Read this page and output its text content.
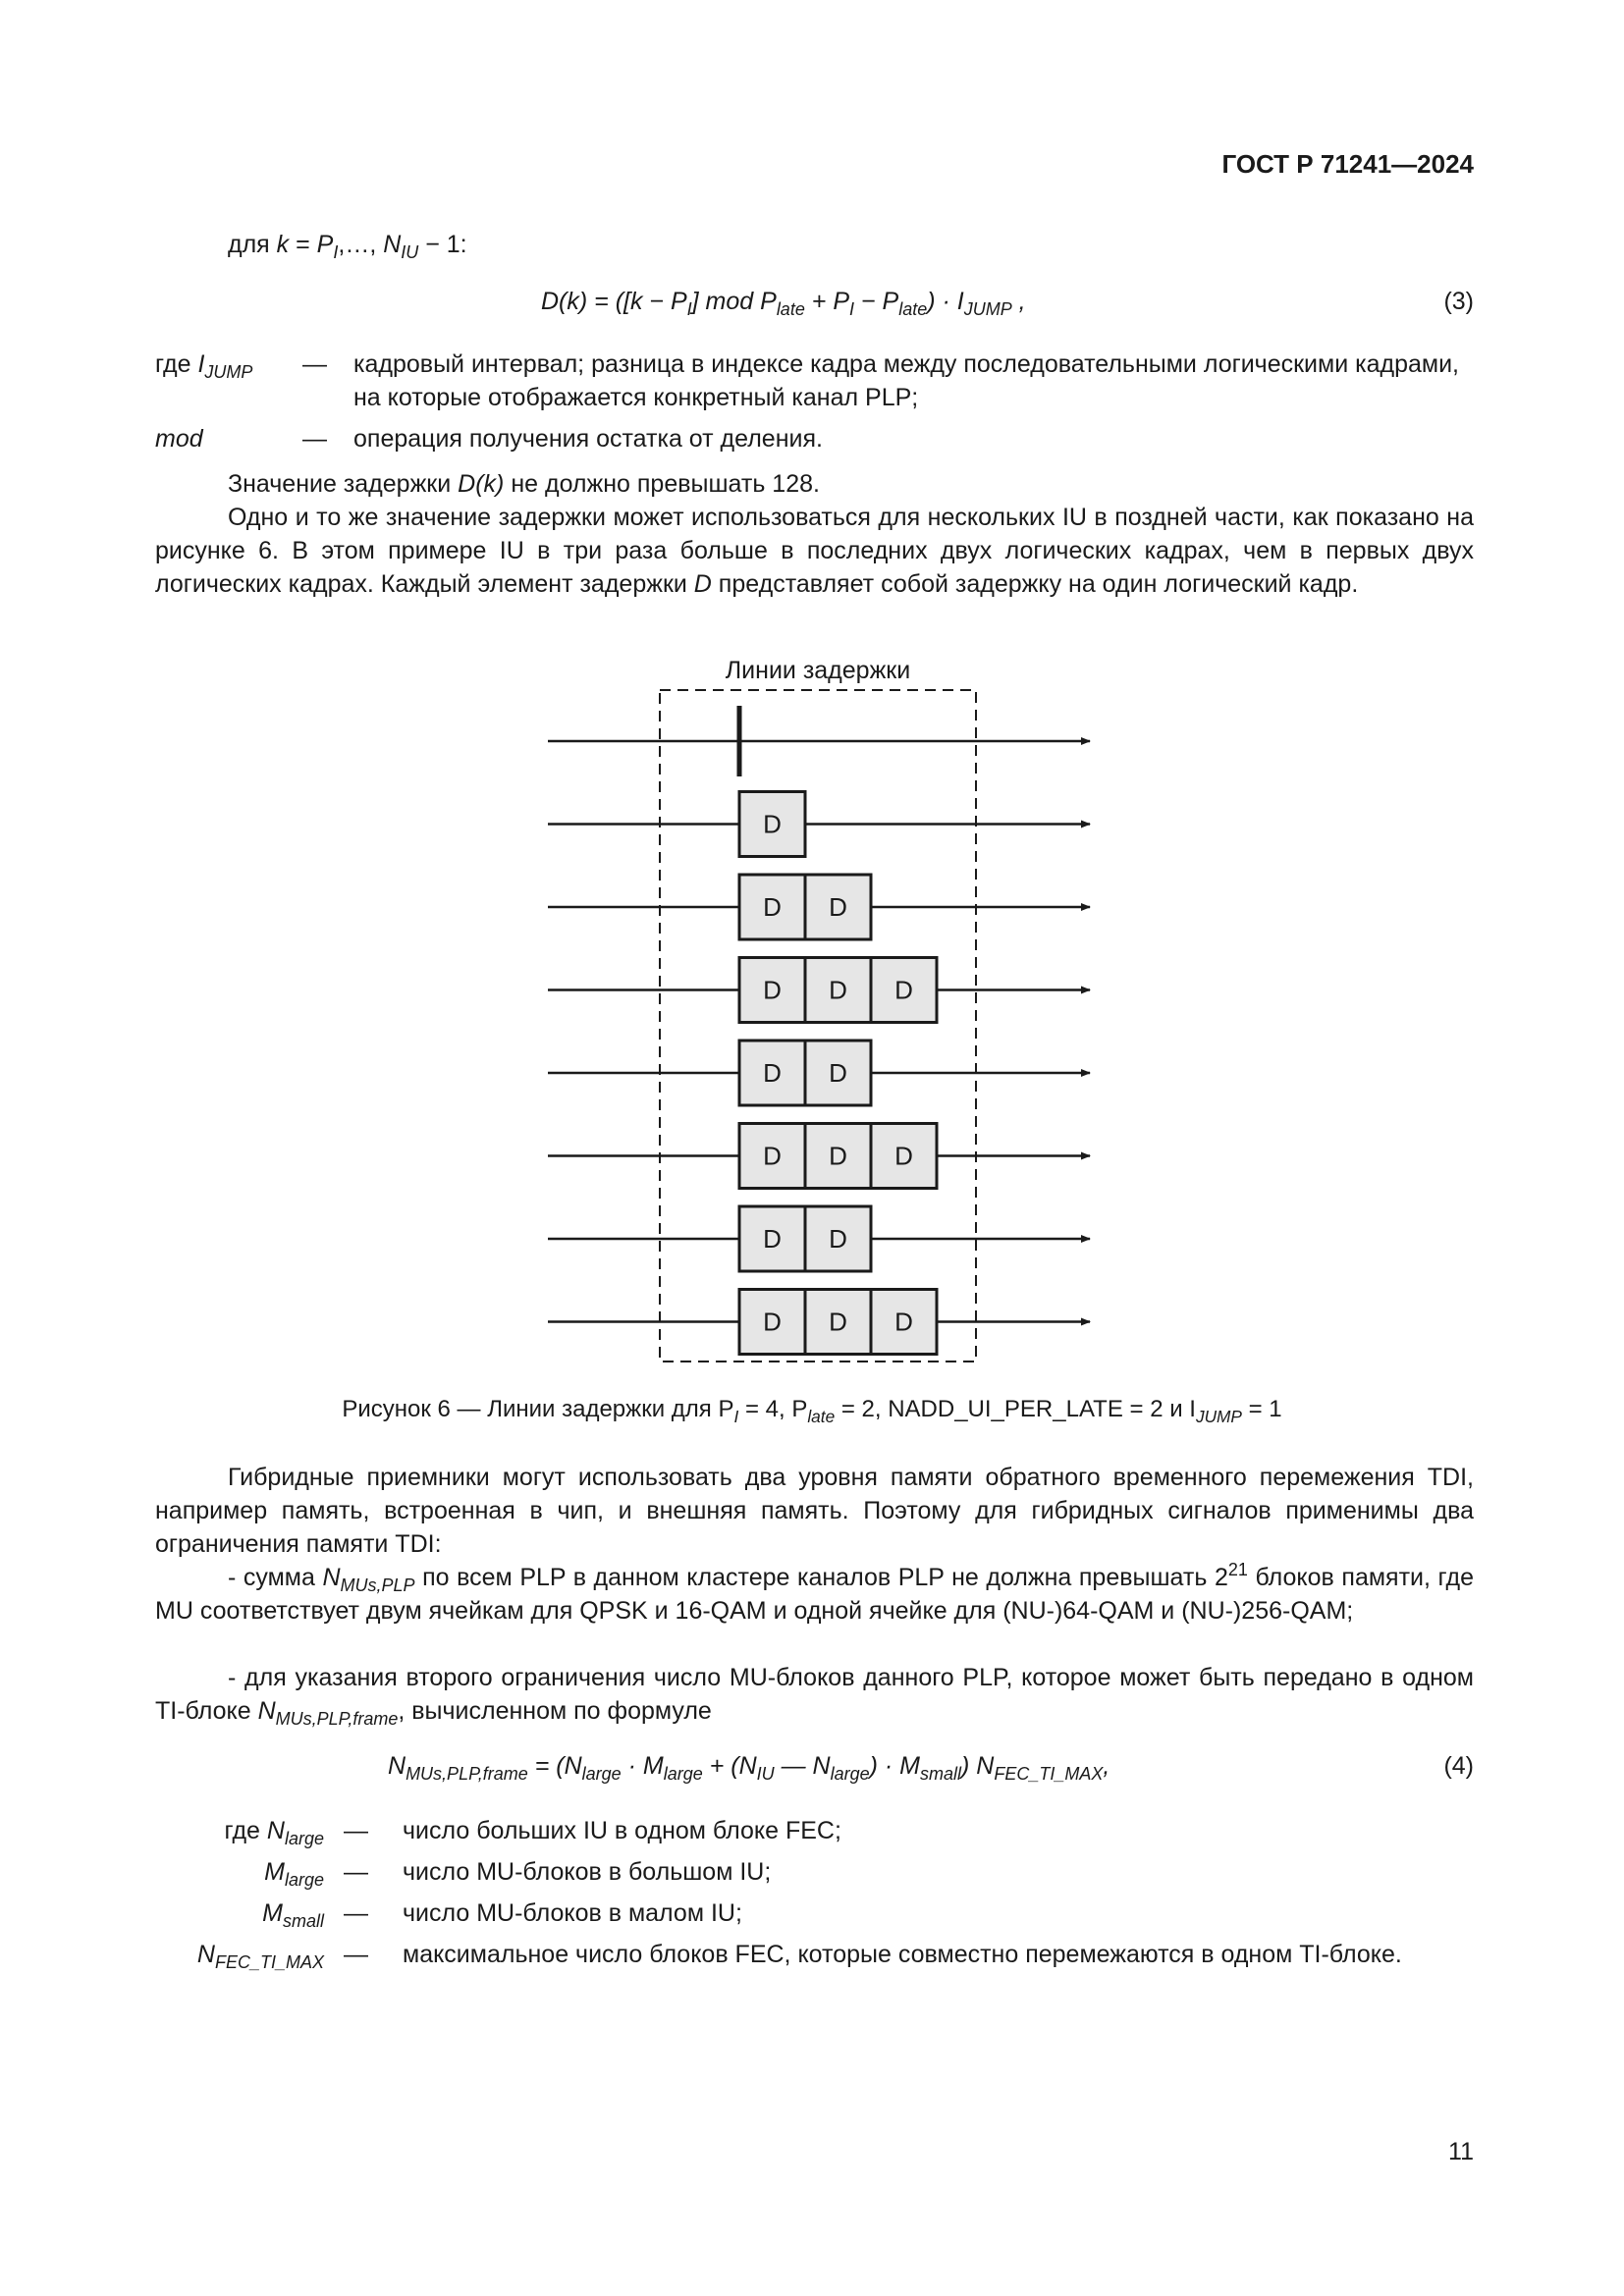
ГОСТ Р 71241—2024
для $k = P_I,\dots$, $N_{IU} - 1$:
$D(k) = ([k - P_I]$ mod $P_{late} + P_I - P_{late}) \cdot I_{JUMP}$ ,	(3)
где $I_{JUMP}$	—	кадровый интервал; разница в индексе кадра между последовательными логическими кадрами, на которые отображается конкретный канал PLP;
mod	—	операция получения остатка от деления.
Значение задержки D(k) не должно превышать 128.
Одно и то же значение задержки может использоваться для нескольких IU в поздней части, как показано на рисунке 6. В этом примере IU в три раза больше в последних двух логических кадрах, чем в первых двух логических кадрах. Каждый элемент задержки D представляет собой задержку на один логический кадр.
Линии задержки
D
D D
D D D
D D
D D D
D D
D D D
Рисунок 6 — Линии задержки для $P_I = 4$, $P_{late} = 2$, NADD_UI_PER_LATE = 2 и $I_{JUMP} = 1$
Гибридные приемники могут использовать два уровня памяти обратного временного перемежения TDI, например память, встроенная в чип, и внешняя память. Поэтому для гибридных сигналов применимы два ограничения памяти TDI:
- сумма $N_{MUs,PLP}$ по всем PLP в данном кластере каналов PLP не должна превышать $2^{21}$ блоков памяти, где MU соответствует двум ячейкам для QPSK и 16-QAM и одной ячейке для (NU-)64-QAM и (NU-)256-QAM;
- для указания второго ограничения число MU-блоков данного PLP, которое может быть передано в одном TI-блоке $N_{MUs,PLP,frame}$, вычисленном по формуле
$N_{MUs,PLP,frame} = (N_{large} \cdot M_{large} + (N_{IU}$ — $N_{large}) \cdot M_{small}$) $N_{FEC\_TI\_MAX}$,	(4)
где $N_{large}$ —	число больших IU в одном блоке FEC;
$M_{large}$ —	число MU-блоков в большом IU;
$M_{small}$ —	число MU-блоков в малом IU;
$N_{FEC\_TI\_MAX}$ —	максимальное число блоков FEC, которые совместно перемежаются в одном TI-блоке.
11
